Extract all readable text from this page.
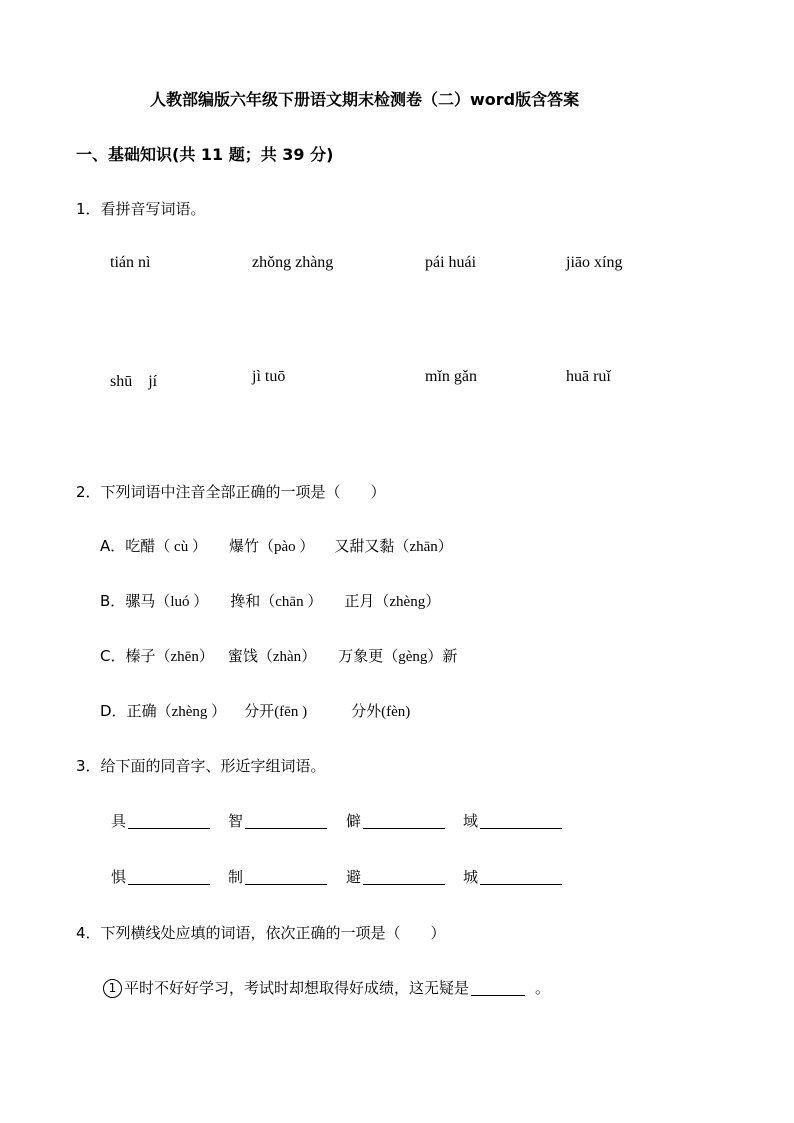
人教部编版六年级下册语文期末检测卷（二）word版含答案
一、基础知识(共 11 题；共 39 分)
1．看拼音写词语。
tián nì	zhǒng zhàng	pái huái	jiāo xíng
shū　jí	jì tuō	mǐn gǎn	huā ruǐ
2．下列词语中注音全部正确的一项是（　　）
A．吃醋（ cù ） 爆竹（pào ） 又甜又黏（zhān）
B．骡马（luó ） 搀和（chān ） 正月（zhèng）
C．榛子（zhēn） 蜜饯（zhàn） 万象更（gèng）新
D．正确（zhèng ） 分开(fēn )	分外(fèn)
3．给下面的同音字、形近字组词语。
具	智	僻	域
惧	制	避	城
4．下列横线处应填的词语，依次正确的一项是（　　）
1 平时不好好学习，考试时却想取得好成绩，这无疑是	。
